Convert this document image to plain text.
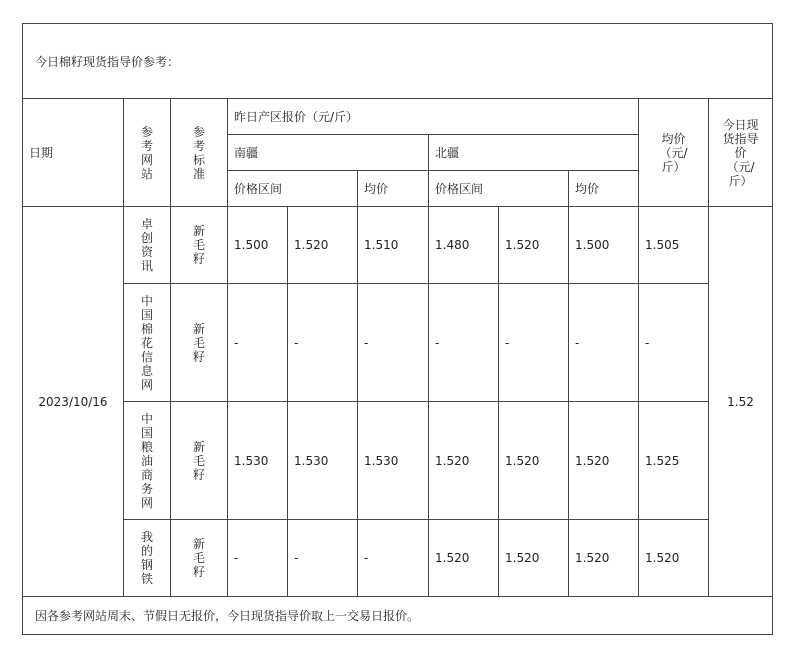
今日棉籽现货指导价参考：										
日期	参考网站	参考标准	昨日产区报价（元/斤）						均价（元/斤）	今日现货指导价（元/斤）
			南疆			北疆				
			价格区间		均价	价格区间		均价		
2023/10/16	卓创资讯	新毛籽	1.500	1.520	1.510	1.480	1.520	1.500	1.505	1.52
	中国棉花信息网	新毛籽	-	-	-	-	-	-	-	
	中国粮油商务网	新毛籽	1.530	1.530	1.530	1.520	1.520	1.520	1.525	
	我的钢铁	新毛籽	-	-	-	1.520	1.520	1.520	1.520	
因各参考网站周末、节假日无报价，今日现货指导价取上一交易日报价。										
